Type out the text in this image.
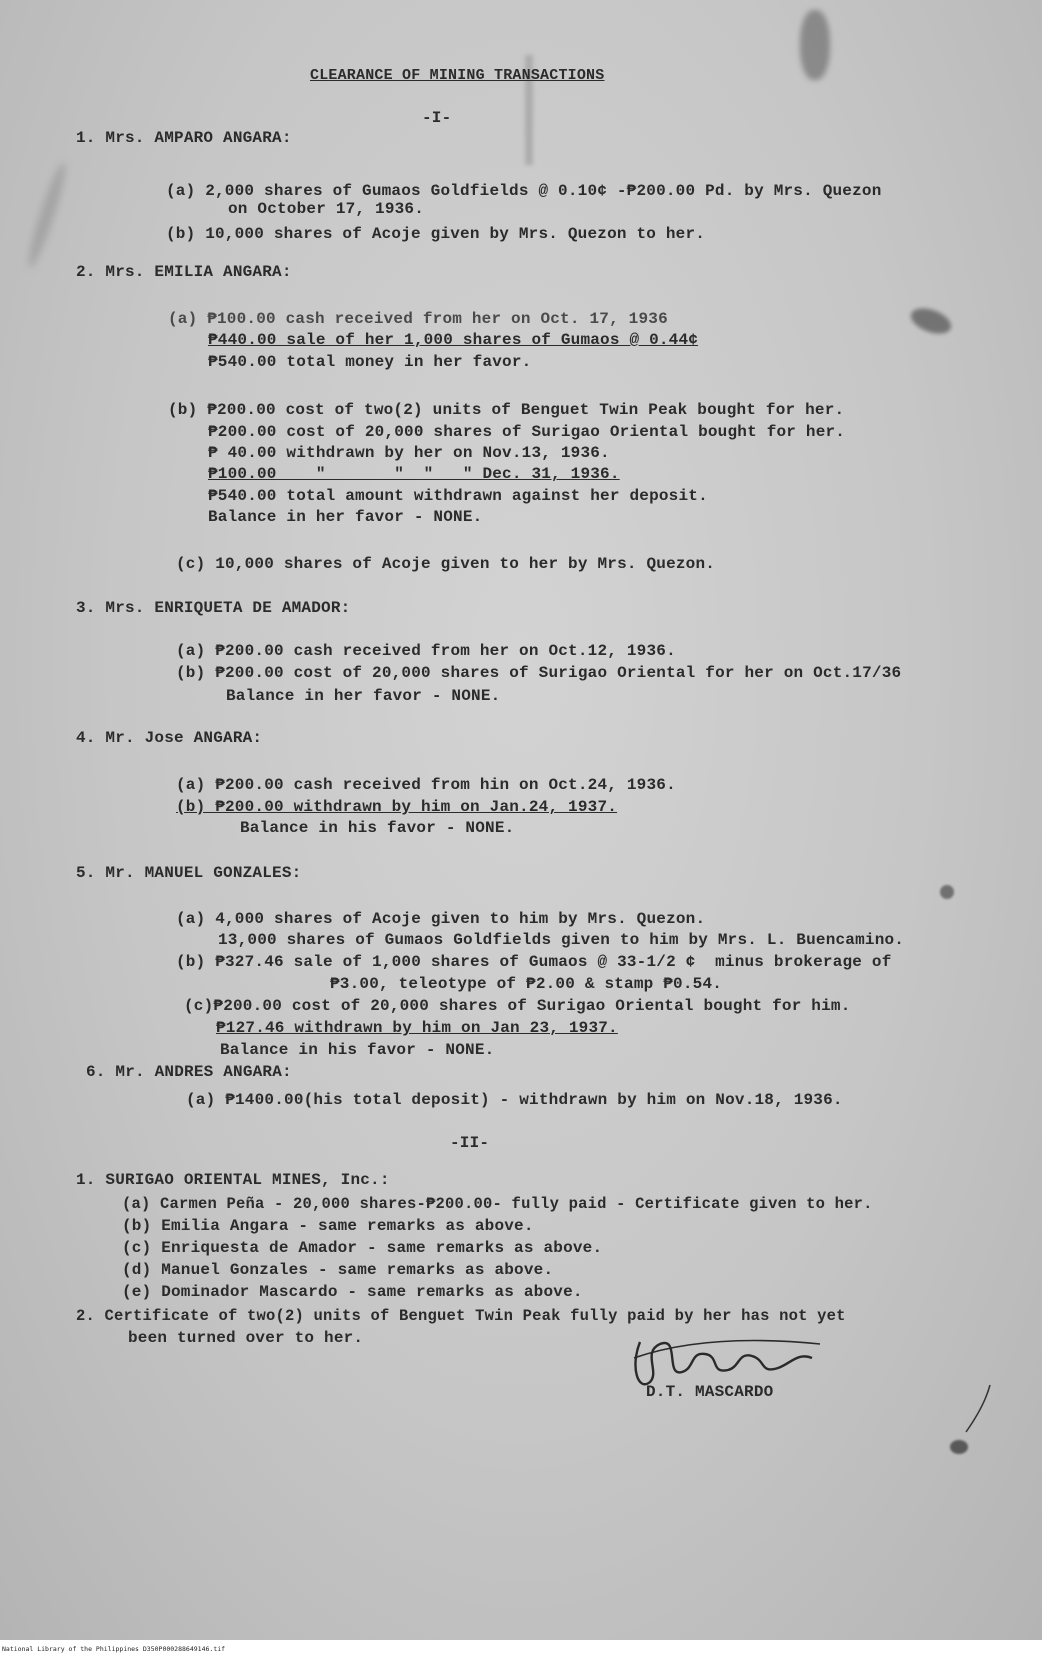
CLEARANCE OF MINING TRANSACTIONS
-I-
1. Mrs. AMPARO ANGARA:
(a) 2,000 shares of Gumaos Goldfields @ 0.10¢ -₱200.00 Pd. by Mrs. Quezon
on October 17, 1936.
(b) 10,000 shares of Acoje given by Mrs. Quezon to her.
2. Mrs. EMILIA ANGARA:
(a) ₱100.00 cash received from her on Oct. 17, 1936
₱440.00 sale of her 1,000 shares of Gumaos @ 0.44¢
₱540.00 total money in her favor.
(b) ₱200.00 cost of two(2) units of Benguet Twin Peak bought for her.
₱200.00 cost of 20,000 shares of Surigao Oriental bought for her.
₱ 40.00 withdrawn by her on Nov.13, 1936.
₱100.00    "       "  "   " Dec. 31, 1936.
₱540.00 total amount withdrawn against her deposit.
Balance in her favor - NONE.
(c) 10,000 shares of Acoje given to her by Mrs. Quezon.
3. Mrs. ENRIQUETA DE AMADOR:
(a) ₱200.00 cash received from her on Oct.12, 1936.
(b) ₱200.00 cost of 20,000 shares of Surigao Oriental for her on Oct.17/36
Balance in her favor - NONE.
4. Mr. Jose ANGARA:
(a) ₱200.00 cash received from hin on Oct.24, 1936.
(b) ₱200.00 withdrawn by him on Jan.24, 1937.
Balance in his favor - NONE.
5. Mr. MANUEL GONZALES:
(a) 4,000 shares of Acoje given to him by Mrs. Quezon.
13,000 shares of Gumaos Goldfields given to him by Mrs. L. Buencamino.
(b) ₱327.46 sale of 1,000 shares of Gumaos @ 33-1/2 ¢  minus brokerage of
₱3.00, teleotype of ₱2.00 & stamp ₱0.54.
(c)₱200.00 cost of 20,000 shares of Surigao Oriental bought for him.
₱127.46 withdrawn by him on Jan 23, 1937.
Balance in his favor - NONE.
6. Mr. ANDRES ANGARA:
(a) ₱1400.00(his total deposit) - withdrawn by him on Nov.18, 1936.
-II-
1. SURIGAO ORIENTAL MINES, Inc.:
(a) Carmen Peña - 20,000 shares-₱200.00- fully paid - Certificate given to her.
(b) Emilia Angara - same remarks as above.
(c) Enriquesta de Amador - same remarks as above.
(d) Manuel Gonzales - same remarks as above.
(e) Dominador Mascardo - same remarks as above.
2. Certificate of two(2) units of Benguet Twin Peak fully paid by her has not yet
been turned over to her.
D.T. MASCARDO
National Library of the Philippines D350P000288649146.tif
